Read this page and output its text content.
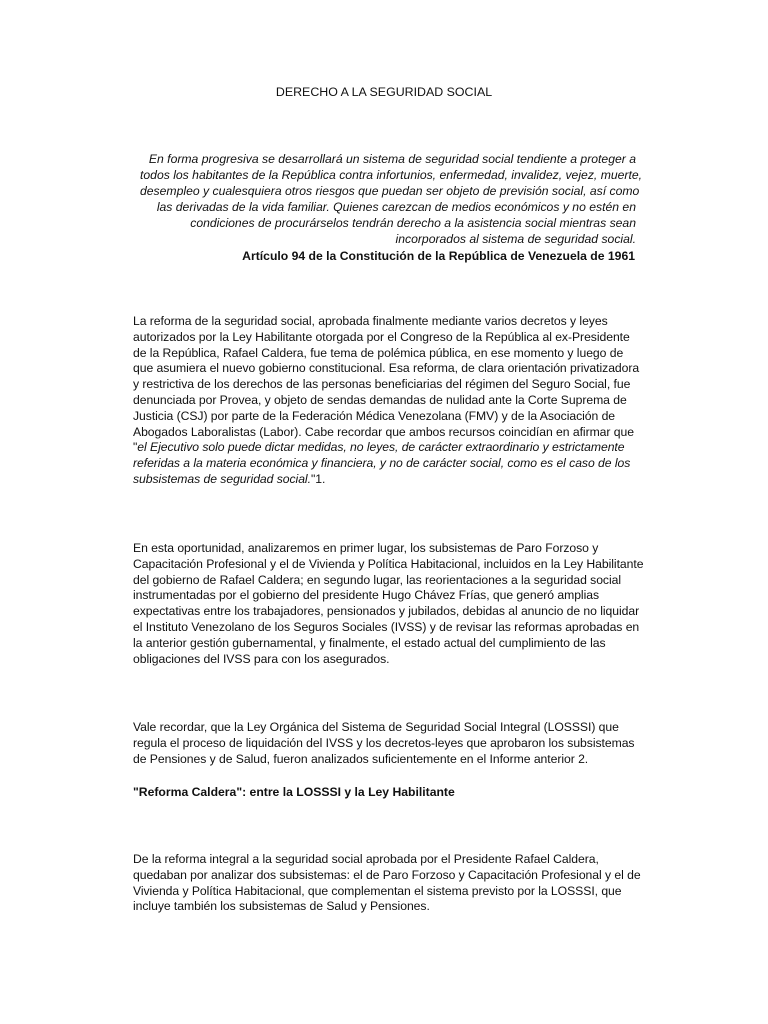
DERECHO A LA SEGURIDAD SOCIAL

En forma progresiva se desarrollará un sistema de seguridad social tendiente a proteger a
todos los habitantes de la República contra infortunios, enfermedad, invalidez, vejez, muerte,
desempleo y cualesquiera otros riesgos que puedan ser objeto de previsión social, así como
las derivadas de la vida familiar. Quienes carezcan de medios económicos y no estén en
condiciones de procurárselos tendrán derecho a la asistencia social mientras sean
incorporados al sistema de seguridad social.

Artículo 94 de la Constitución de la República de Venezuela de 1961

La reforma de la seguridad social, aprobada finalmente mediante varios decretos y leyes
autorizados por la Ley Habilitante otorgada por el Congreso de la República al ex-Presidente
de la República, Rafael Caldera, fue tema de polémica pública, en ese momento y luego de
que asumiera el nuevo gobierno constitucional. Esa reforma, de clara orientación privatizadora
y restrictiva de los derechos de las personas beneficiarias del régimen del Seguro Social, fue
denunciada por Provea, y objeto de sendas demandas de nulidad ante la Corte Suprema de
Justicia (CSJ) por parte de la Federación Médica Venezolana (FMV) y de la Asociación de
Abogados Laboralistas (Labor). Cabe recordar que ambos recursos coincidían en afirmar que
"el Ejecutivo solo puede dictar medidas, no leyes, de carácter extraordinario y estrictamente
referidas a la materia económica y financiera, y no de carácter social, como es el caso de los
subsistemas de seguridad social."1.

En esta oportunidad, analizaremos en primer lugar, los subsistemas de Paro Forzoso y
Capacitación Profesional y el de Vivienda y Política Habitacional, incluidos en la Ley Habilitante
del gobierno de Rafael Caldera; en segundo lugar, las reorientaciones a la seguridad social
instrumentadas por el gobierno del presidente Hugo Chávez Frías, que generó amplias
expectativas entre los trabajadores, pensionados y jubilados, debidas al anuncio de no liquidar
el Instituto Venezolano de los Seguros Sociales (IVSS) y de revisar las reformas aprobadas en
la anterior gestión gubernamental, y finalmente, el estado actual del cumplimiento de las
obligaciones del IVSS para con los asegurados.

Vale recordar, que la Ley Orgánica del Sistema de Seguridad Social Integral (LOSSSI) que
regula el proceso de liquidación del IVSS y los decretos-leyes que aprobaron los subsistemas
de Pensiones y de Salud, fueron analizados suficientemente en el Informe anterior 2.

"Reforma Caldera": entre la LOSSSI y la Ley Habilitante

De la reforma integral a la seguridad social aprobada por el Presidente Rafael Caldera,
quedaban por analizar dos subsistemas: el de Paro Forzoso y Capacitación Profesional y el de
Vivienda y Política Habitacional, que complementan el sistema previsto por la LOSSSI, que
incluye también los subsistemas de Salud y Pensiones.
